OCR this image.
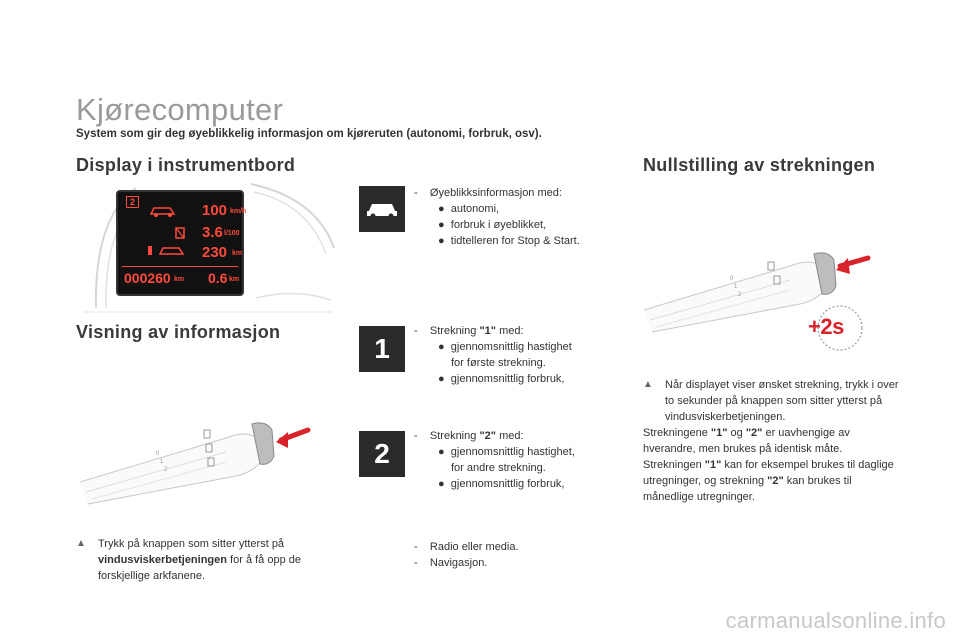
Kjørecomputer
System som gir deg øyeblikkelig informasjon om kjøreruten (autonomi, forbruk, osv).
Display i instrumentbord
2	100 km/h
3.6 l/100
230 km
000260 km 0.6 km
Visning av informasjon
0
1
2
▲	Trykk på knappen som sitter ytterst på vindusviskerbetjeningen for å få opp de forskjellige arkfanene.
1
2
-    Øyeblikksinformasjon med:
●  autonomi,
●  forbruk i øyeblikket,
●  tidtelleren for Stop & Start.
-    Strekning "1" med:
●  gjennomsnittlig hastighet
for første strekning.
●  gjennomsnittlig forbruk,
-    Strekning "2" med:
●  gjennomsnittlig hastighet,
for andre strekning.
●  gjennomsnittlig forbruk,
-    Radio eller media.
-    Navigasjon.
Nullstilling av strekningen
0
1
2
+2s
▲	Når displayet viser ønsket strekning, trykk i over to sekunder på knappen som sitter ytterst på vindusviskerbetjeningen.
Strekningene "1" og "2" er uavhengige av hverandre, men brukes på identisk måte.
Strekningen "1" kan for eksempel brukes til daglige utregninger, og strekning "2" kan brukes til månedlige utregninger.
carmanualsonline.info
